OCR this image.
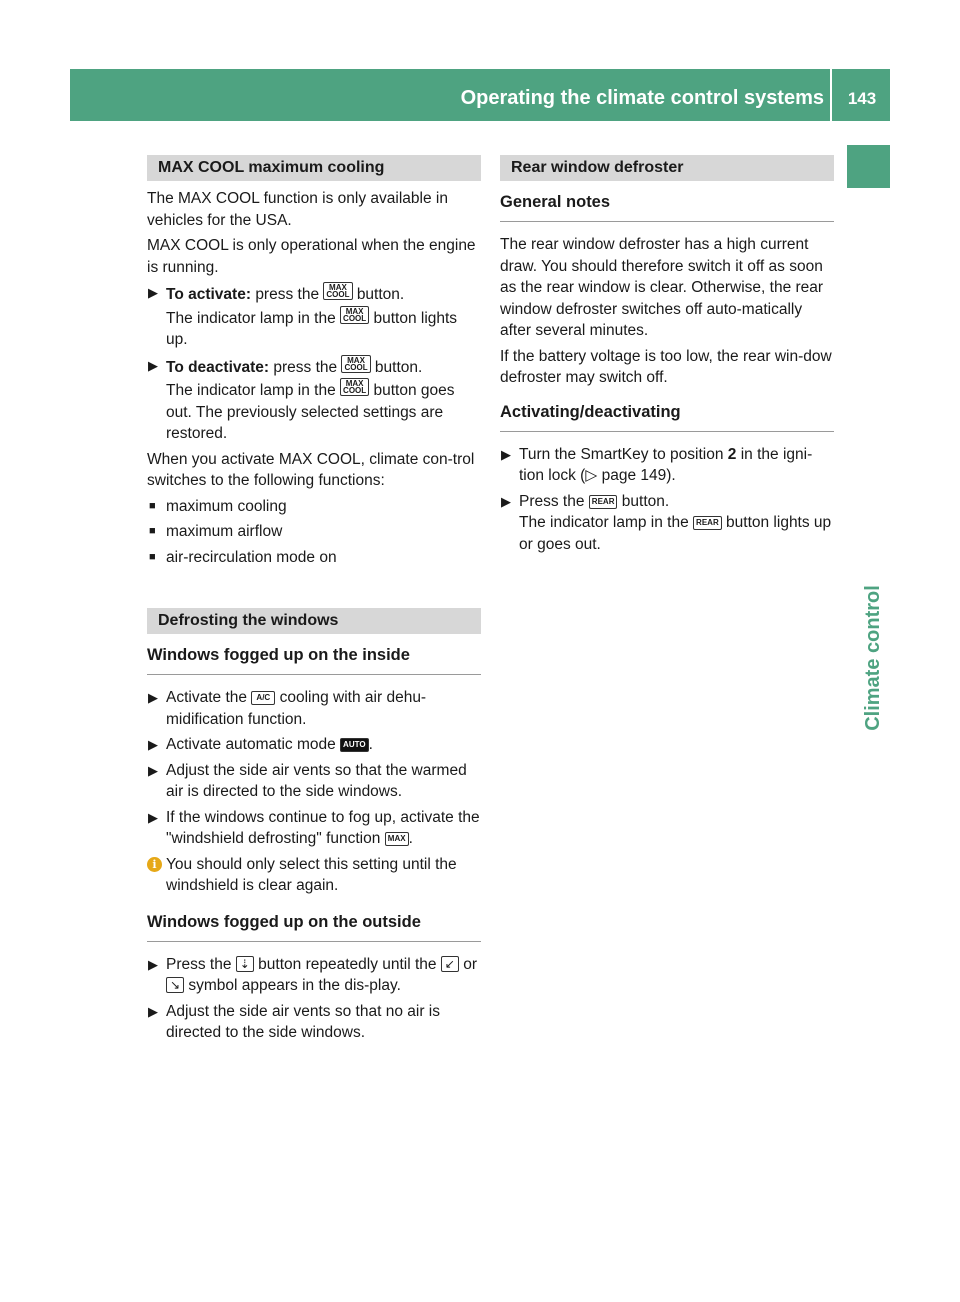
Operating the climate control systems	143
Climate control
MAX COOL maximum cooling

The MAX COOL function is only available in vehicles for the USA.

MAX COOL is only operational when the engine is running.

▶ To activate: press the MAX
COOL button.
The indicator lamp in the MAX
COOL button lights up.
▶ To deactivate: press the MAX
COOL button.
The indicator lamp in the MAX
COOL button goes out. The previously selected settings are restored.

When you activate MAX COOL, climate con-trol switches to the following functions:

■ maximum cooling
■ maximum airflow
■ air-recirculation mode on
Defrosting the windows
Windows fogged up on the inside
▶ Activate the A/C cooling with air dehu-midification function.
▶ Activate automatic mode AUTO .
▶ Adjust the side air vents so that the warmed air is directed to the side windows.
▶ If the windows continue to fog up, activate the "windshield defrosting" function MAX .
i You should only select this setting until the windshield is clear again.
Windows fogged up on the outside
▶ Press the ⇣ button repeatedly until the ↙ or ↘ symbol appears in the dis-play.
▶ Adjust the side air vents so that no air is directed to the side windows.
Rear window defroster
General notes

The rear window defroster has a high current draw. You should therefore switch it off as soon as the rear window is clear. Otherwise, the rear window defroster switches off auto-matically after several minutes.

If the battery voltage is too low, the rear win-dow defroster may switch off.

Activating/deactivating
▶ Turn the SmartKey to position 2 in the igni-tion lock (▷ page 149).
▶ Press the REAR button.
The indicator lamp in the REAR button lights up or goes out.
